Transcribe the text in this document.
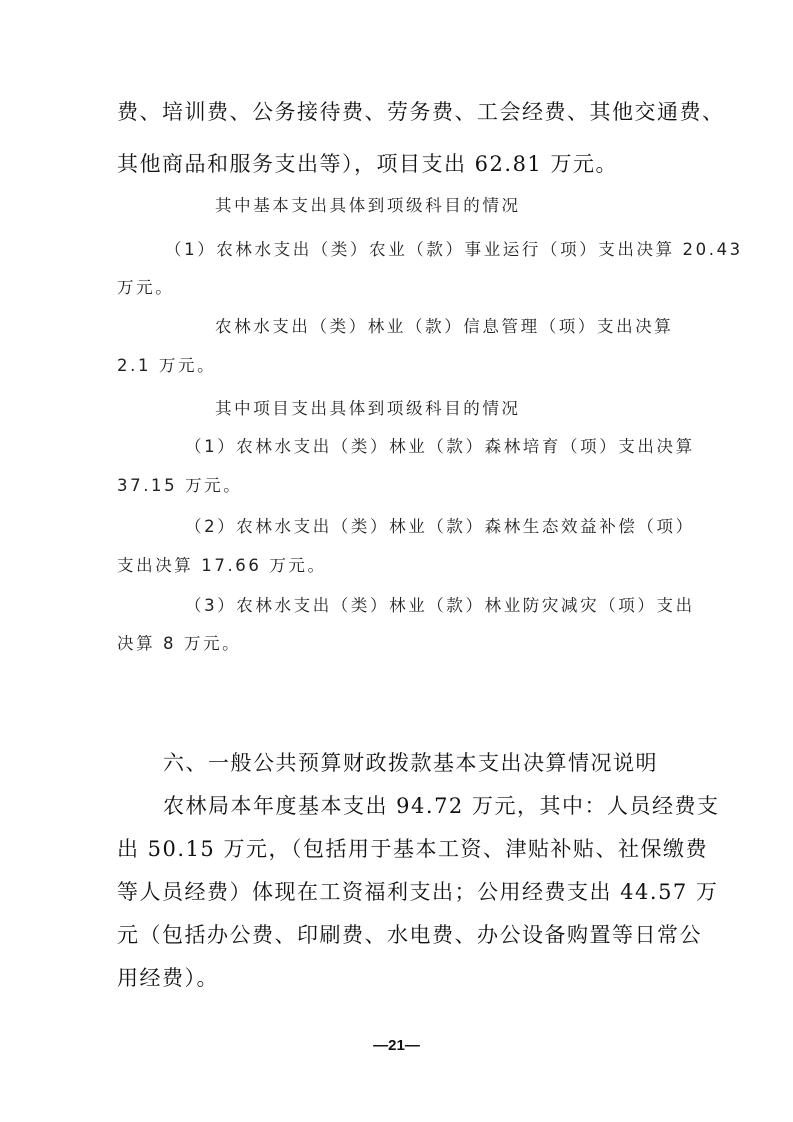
费、培训费、公务接待费、劳务费、工会经费、其他交通费、

其他商品和服务支出等），项目支出 62.81 万元。

其中基本支出具体到项级科目的情况

（1）农林水支出（类）农业（款）事业运行（项）支出决算 20.43

万元。

农林水支出（类）林业（款）信息管理（项）支出决算

2.1 万元。

其中项目支出具体到项级科目的情况

（1）农林水支出（类）林业（款）森林培育（项）支出决算

37.15 万元。

（2）农林水支出（类）林业（款）森林生态效益补偿（项）

支出决算 17.66 万元。

（3）农林水支出（类）林业（款）林业防灾减灾（项）支出

决算 8 万元。

六、一般公共预算财政拨款基本支出决算情况说明

农林局本年度基本支出 94.72 万元，其中：人员经费支

出 50.15 万元，（包括用于基本工资、津贴补贴、社保缴费

等人员经费）体现在工资福利支出；公用经费支出 44.57 万

元（包括办公费、印刷费、水电费、办公设备购置等日常公

用经费）。

—21—
